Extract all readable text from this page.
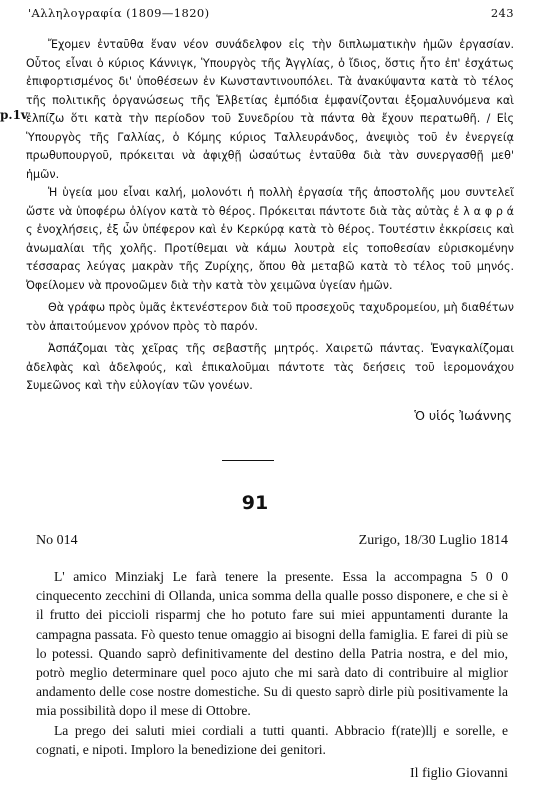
'Αλληλογραφία (1809—1820)	243
p.1v

Ἔχομεν ἐνταῦθα ἕναν νέον συνάδελφον εἰς τὴν διπλωματικὴν ἡμῶν ἐργασίαν. Οὗτος εἶναι ὁ κύριος Κάννιγκ, Ὑπουργὸς τῆς Ἀγγλίας, ὁ ἴδιος, ὅστις ἦτο ἐπ' ἐσχάτως ἐπιφορτισμένος δι' ὑποθέσεων ἐν Κωνσταντινουπόλει. Τὰ ἀνακύψαντα κατὰ τὸ τέλος τῆς πολιτικῆς ὀργανώσεως τῆς Ἑλβετίας ἐμπόδια ἐμφανίζονται ἐξομαλυνόμενα καὶ ἐλπίζω ὅτι κατὰ τὴν περίοδον τοῦ Συνεδρίου τὰ πάντα θὰ ἔχουν περατωθῆ. / Εἰς Ὑπουργὸς τῆς Γαλλίας, ὁ Κόμης κύριος Ταλλευράνδος, ἀνεψιὸς τοῦ ἐν ἐνεργείᾳ πρωθυπουργοῦ, πρόκειται νὰ ἀφιχθῇ ὡσαύτως ἐνταῦθα διὰ τὰν συνεργασθῇ μεθ' ἡμῶν.

Ἡ ὑγεία μου εἶναι καλή, μολονότι ἡ πολλὴ ἐργασία τῆς ἀποστολῆς μου συντελεῖ ὥστε νὰ ὑποφέρω ὀλίγον κατὰ τὸ θέρος. Πρόκειται πάντοτε διὰ τὰς αὐτὰς ἐ λ α φ ρ ά ς ἐνοχλήσεις, ἐξ ὧν ὑπέφερον καὶ ἐν Κερκύρᾳ κατὰ τὸ θέρος. Τουτέστιν ἐκκρίσεις καὶ ἀνωμαλίαι τῆς χολῆς. Προτίθεμαι νὰ κάμω λουτρὰ εἰς τοποθεσίαν εὑρισκομένην τέσσαρας λεύγας μακρὰν τῆς Ζυρίχης, ὅπου θὰ μεταβῶ κατὰ τὸ τέλος τοῦ μηνός. Ὀφείλομεν νὰ προνοῶμεν διὰ τὴν κατὰ τὸν χειμῶνα ὑγείαν ἡμῶν.

Θὰ γράφω πρὸς ὑμᾶς ἐκτενέστερον διὰ τοῦ προσεχοῦς ταχυδρομείου, μὴ διαθέτων τὸν ἀπαιτούμενον χρόνον πρὸς τὸ παρόν.

Ἀσπάζομαι τὰς χεῖρας τῆς σεβαστῆς μητρός. Χαιρετῶ πάντας. Ἐναγκαλίζομαι ἀδελφὰς καὶ ἀδελφούς, καὶ ἐπικαλοῦμαι πάντοτε τὰς δεήσεις τοῦ ἱερομονάχου Συμεῶνος καὶ τὴν εὐλογίαν τῶν γονέων.

Ὁ υἱός Ἰωάννης
91
No 014	Zurigo, 18/30 Luglio 1814

L' amico Minziakj Le farà tenere la presente. Essa la accompagna 5 0 0 cinquecento zecchini di Ollanda, unica somma della qualle posso disponere, e che si è il frutto dei piccioli risparmj che ho potuto fare sui miei appuntamenti durante la campagna passata. Fò questo tenue omaggio ai bisogni della famiglia. E farei di più se lo potessi. Quando saprò definitivamente del destino della Patria nostra, e del mio, potrò meglio determinare quel poco ajuto che mi sarà dato di contribuire al miglior andamento delle cose nostre domestiche. Su di questo saprò dirle più positivamente la mia possibilità dopo il mese di Ottobre.

La prego dei saluti miei cordiali a tutti quanti. Abbracio f(rate)llj e sorelle, e cognati, e nipoti. Imploro la benedizione dei genitori.

Il figlio Giovanni
